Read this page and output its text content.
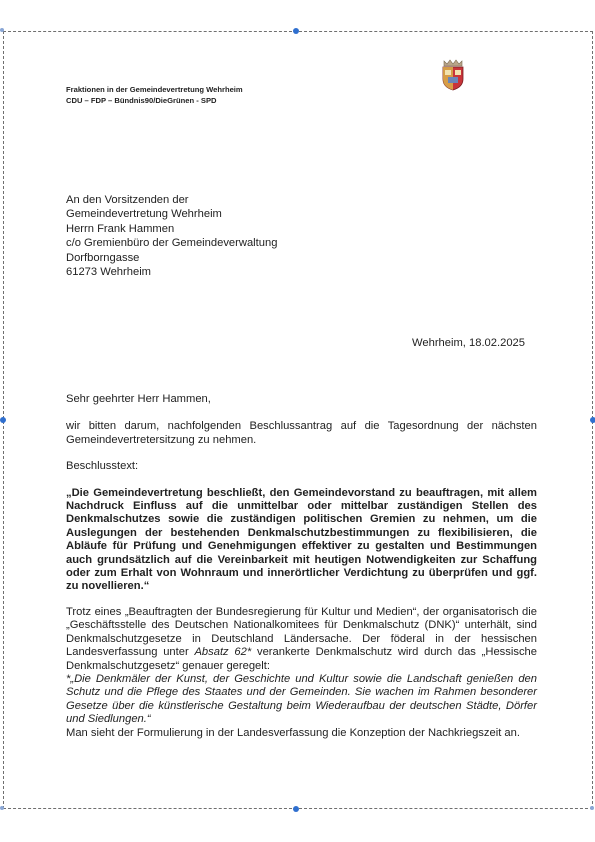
Fraktionen in der Gemeindevertretung Wehrheim
CDU – FDP – Bündnis90/DieGrünen - SPD
An den Vorsitzenden der
Gemeindevertretung Wehrheim
Herrn Frank Hammen
c/o Gremienbüro der Gemeindeverwaltung
Dorfborngasse
61273 Wehrheim
Wehrheim, 18.02.2025

Sehr geehrter Herr Hammen,

wir bitten darum, nachfolgenden Beschlussantrag auf die Tagesordnung der nächsten Gemeindevertretersitzung zu nehmen.

Beschlusstext:

„Die Gemeindevertretung beschließt, den Gemeindevorstand zu beauftragen, mit allem Nachdruck Einfluss auf die unmittelbar oder mittelbar zuständigen Stellen des Denkmalschutzes sowie die zuständigen politischen Gremien zu nehmen, um die Auslegungen der bestehenden Denkmalschutzbestimmungen zu flexibilisieren, die Abläufe für Prüfung und Genehmigungen effektiver zu gestalten und Bestimmungen auch grundsätzlich auf die Vereinbarkeit mit heutigen Notwendigkeiten zur Schaffung oder zum Erhalt von Wohnraum und innerörtlicher Verdichtung zu überprüfen und ggf. zu novellieren.“

Trotz eines „Beauftragten der Bundesregierung für Kultur und Medien“, der organisatorisch die „Geschäftsstelle des Deutschen Nationalkomitees für Denkmalschutz (DNK)“ unterhält, sind Denkmalschutzgesetze in Deutschland Ländersache. Der föderal in der hessischen Landesverfassung unter Absatz 62* verankerte Denkmalschutz wird durch das „Hessische Denkmalschutzgesetz“ genauer geregelt:

*„Die Denkmäler der Kunst, der Geschichte und Kultur sowie die Landschaft genießen den Schutz und die Pflege des Staates und der Gemeinden. Sie wachen im Rahmen besonderer Gesetze über die künstlerische Gestaltung beim Wiederaufbau der deutschen Städte, Dörfer und Siedlungen.“

Man sieht der Formulierung in der Landesverfassung die Konzeption der Nachkriegszeit an.
